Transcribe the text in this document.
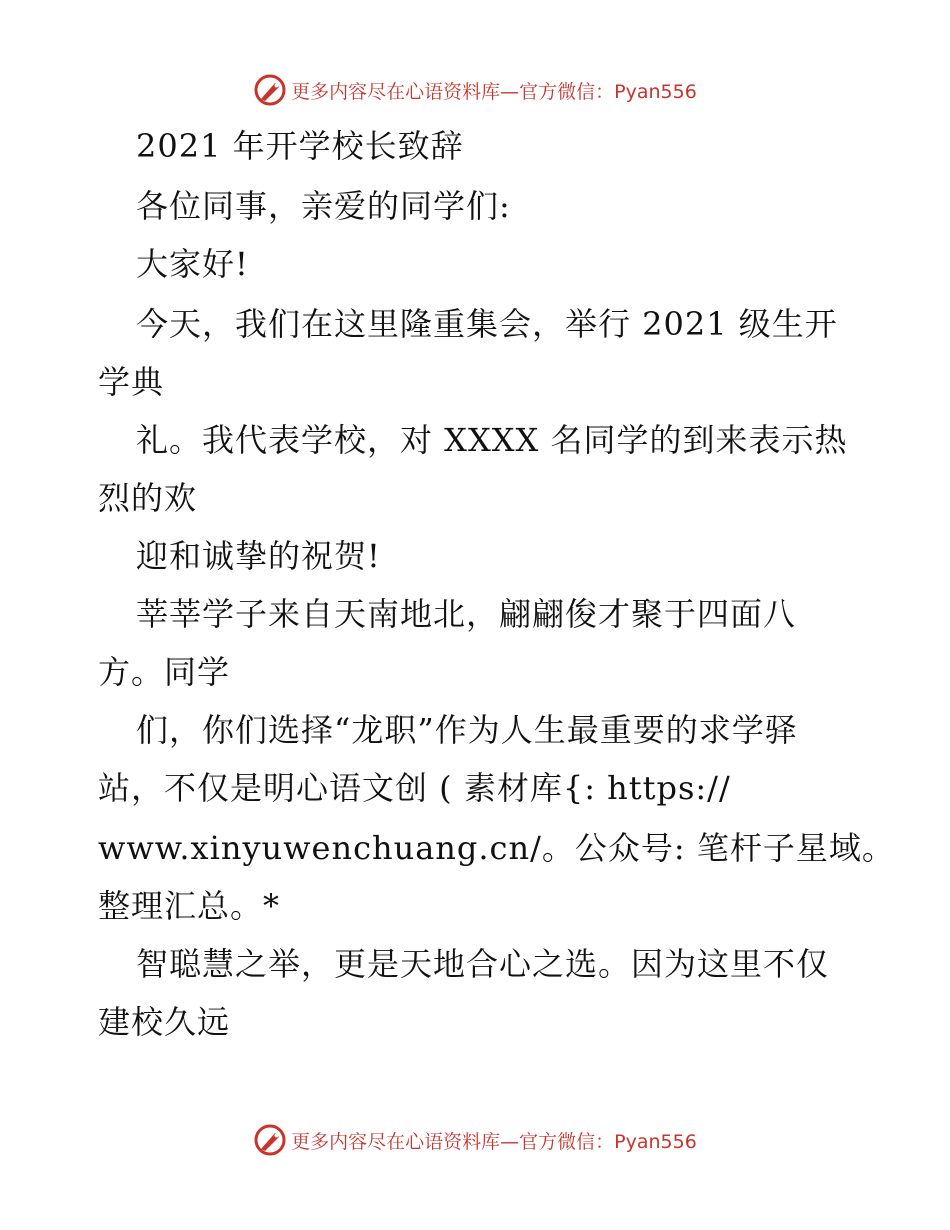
更多内容尽在心语资料库—官方微信：Pyan556
2021 年开学校长致辞
各位同事，亲爱的同学们:
大家好!
今天，我们在这里隆重集会，举行 2021 级生开
学典
礼。我代表学校，对 XXXX 名同学的到来表示热
烈的欢
迎和诚挚的祝贺!
莘莘学子来自天南地北，翩翩俊才聚于四面八
方。同学
们，你们选择“龙职”作为人生最重要的求学驿
站，不仅是明心语文创 ( 素材库{: https://
www.xinyuwenchuang.cn/。公众号: 笔杆子星域。
整理汇总。*
智聪慧之举，更是天地合心之选。因为这里不仅
建校久远
更多内容尽在心语资料库—官方微信：Pyan556
